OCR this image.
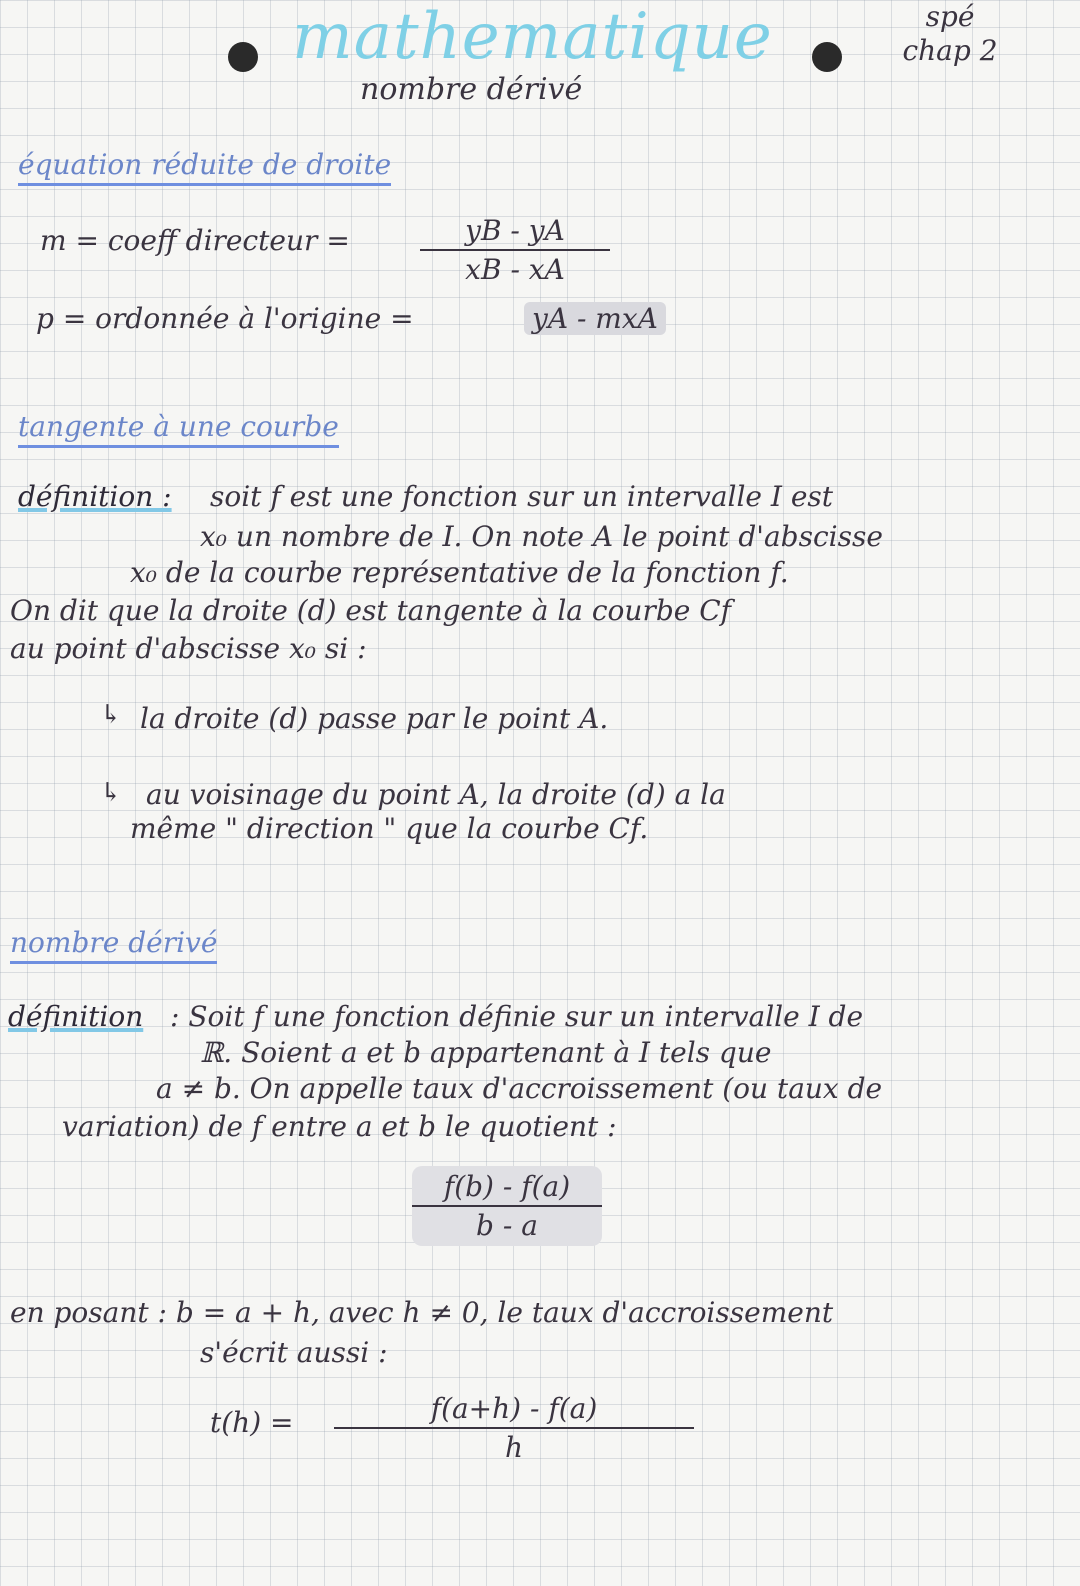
mathematique
nombre dérivé
spé
chap 2
équation réduite de droite
m = coeff directeur =	$\frac{yB - yA}{xB - xA}$
p = ordonnée à l'origine =	yA - mxA
tangente à une courbe
définition : soit f est une fonction sur un intervalle I est
x₀ un nombre de I. On note A le point d'abscisse
x₀ de la courbe représentative de la fonction f.
On dit que la droite (d) est tangente à la courbe Cf
au point d'abscisse x₀ si :
↳ la droite (d) passe par le point A.
↳ au voisinage du point A, la droite (d) a la
même " direction " que la courbe Cf.
nombre dérivé
définition : Soit f une fonction définie sur un intervalle I de
ℝ. Soient a et b appartenant à I tels que
a ≠ b. On appelle taux d'accroissement (ou taux de
variation) de f entre a et b le quotient :
$\frac{f(b) - f(a)}{b - a}$
en posant : b = a + h, avec h ≠ 0, le taux d'accroissement
s'écrit aussi :
$t(h) = \frac{f(a+h) - f(a)}{h}$
